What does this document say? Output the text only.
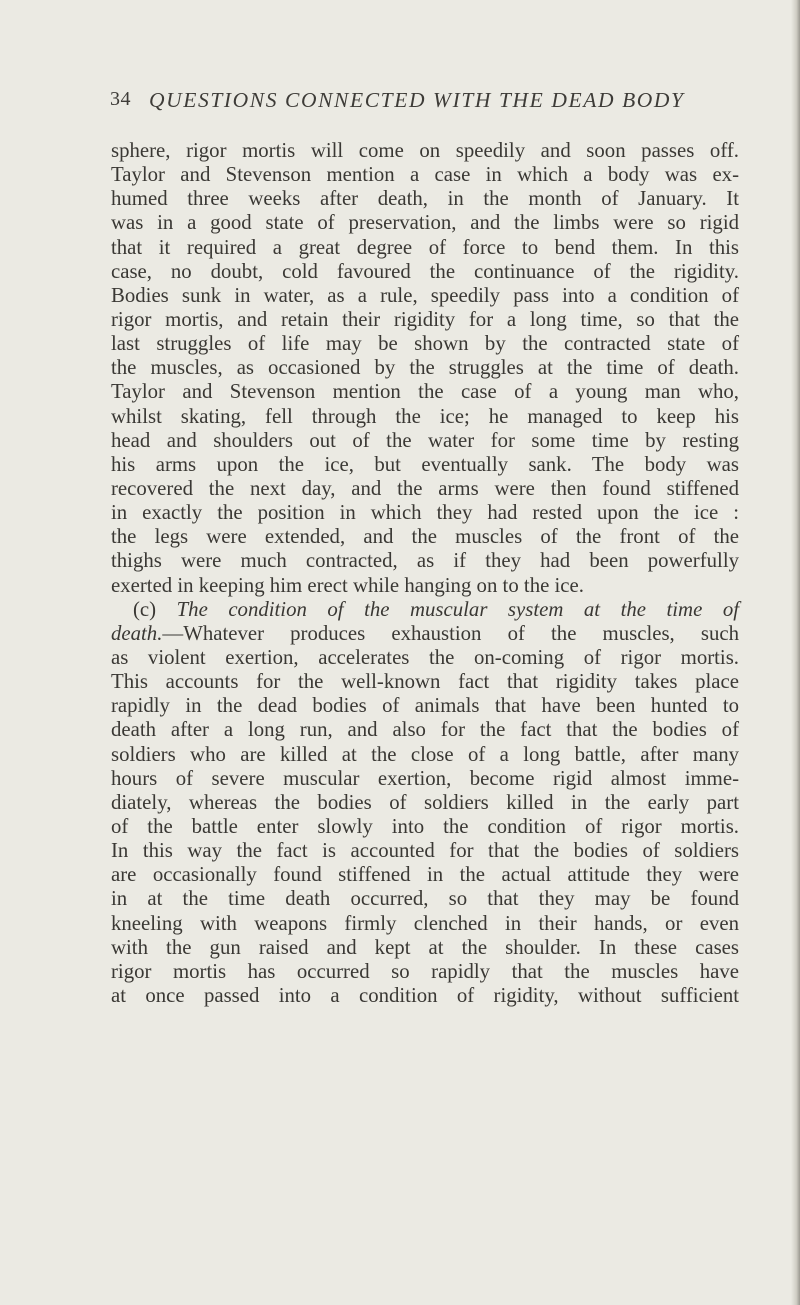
34 QUESTIONS CONNECTED WITH THE DEAD BODY
sphere, rigor mortis will come on speedily and soon passes off.
Taylor and Stevenson mention a case in which a body was ex-
humed three weeks after death, in the month of January. It
was in a good state of preservation, and the limbs were so rigid
that it required a great degree of force to bend them. In this
case, no doubt, cold favoured the continuance of the rigidity.
Bodies sunk in water, as a rule, speedily pass into a condition of
rigor mortis, and retain their rigidity for a long time, so that the
last struggles of life may be shown by the contracted state of
the muscles, as occasioned by the struggles at the time of death.
Taylor and Stevenson mention the case of a young man who,
whilst skating, fell through the ice; he managed to keep his
head and shoulders out of the water for some time by resting
his arms upon the ice, but eventually sank. The body was
recovered the next day, and the arms were then found stiffened
in exactly the position in which they had rested upon the ice :
the legs were extended, and the muscles of the front of the
thighs were much contracted, as if they had been powerfully
exerted in keeping him erect while hanging on to the ice.
(c) The condition of the muscular system at the time of
death.—Whatever produces exhaustion of the muscles, such
as violent exertion, accelerates the on-coming of rigor mortis.
This accounts for the well-known fact that rigidity takes place
rapidly in the dead bodies of animals that have been hunted to
death after a long run, and also for the fact that the bodies of
soldiers who are killed at the close of a long battle, after many
hours of severe muscular exertion, become rigid almost imme-
diately, whereas the bodies of soldiers killed in the early part
of the battle enter slowly into the condition of rigor mortis.
In this way the fact is accounted for that the bodies of soldiers
are occasionally found stiffened in the actual attitude they were
in at the time death occurred, so that they may be found
kneeling with weapons firmly clenched in their hands, or even
with the gun raised and kept at the shoulder. In these cases
rigor mortis has occurred so rapidly that the muscles have
at once passed into a condition of rigidity, without sufficient
